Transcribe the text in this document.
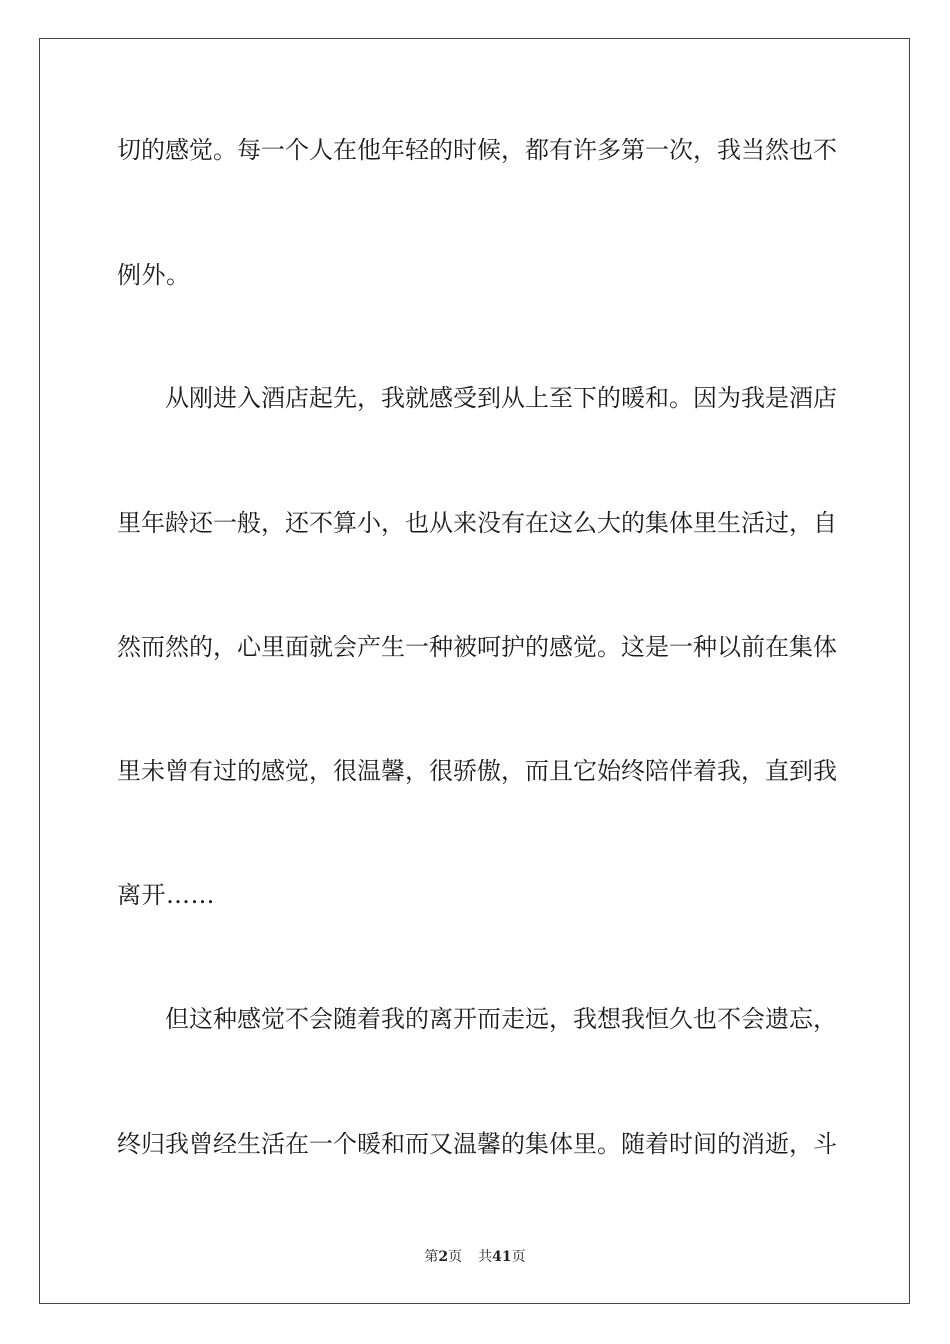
切的感觉。每一个人在他年轻的时候，都有许多第一次，我当然也不
例外。
从刚进入酒店起先，我就感受到从上至下的暖和。因为我是酒店
里年龄还一般，还不算小，也从来没有在这么大的集体里生活过，自
然而然的，心里面就会产生一种被呵护的感觉。这是一种以前在集体
里未曾有过的感觉，很温馨，很骄傲，而且它始终陪伴着我，直到我
离开……
但这种感觉不会随着我的离开而走远，我想我恒久也不会遗忘，
终归我曾经生活在一个暖和而又温馨的集体里。随着时间的消逝，斗
第2页 共41页
